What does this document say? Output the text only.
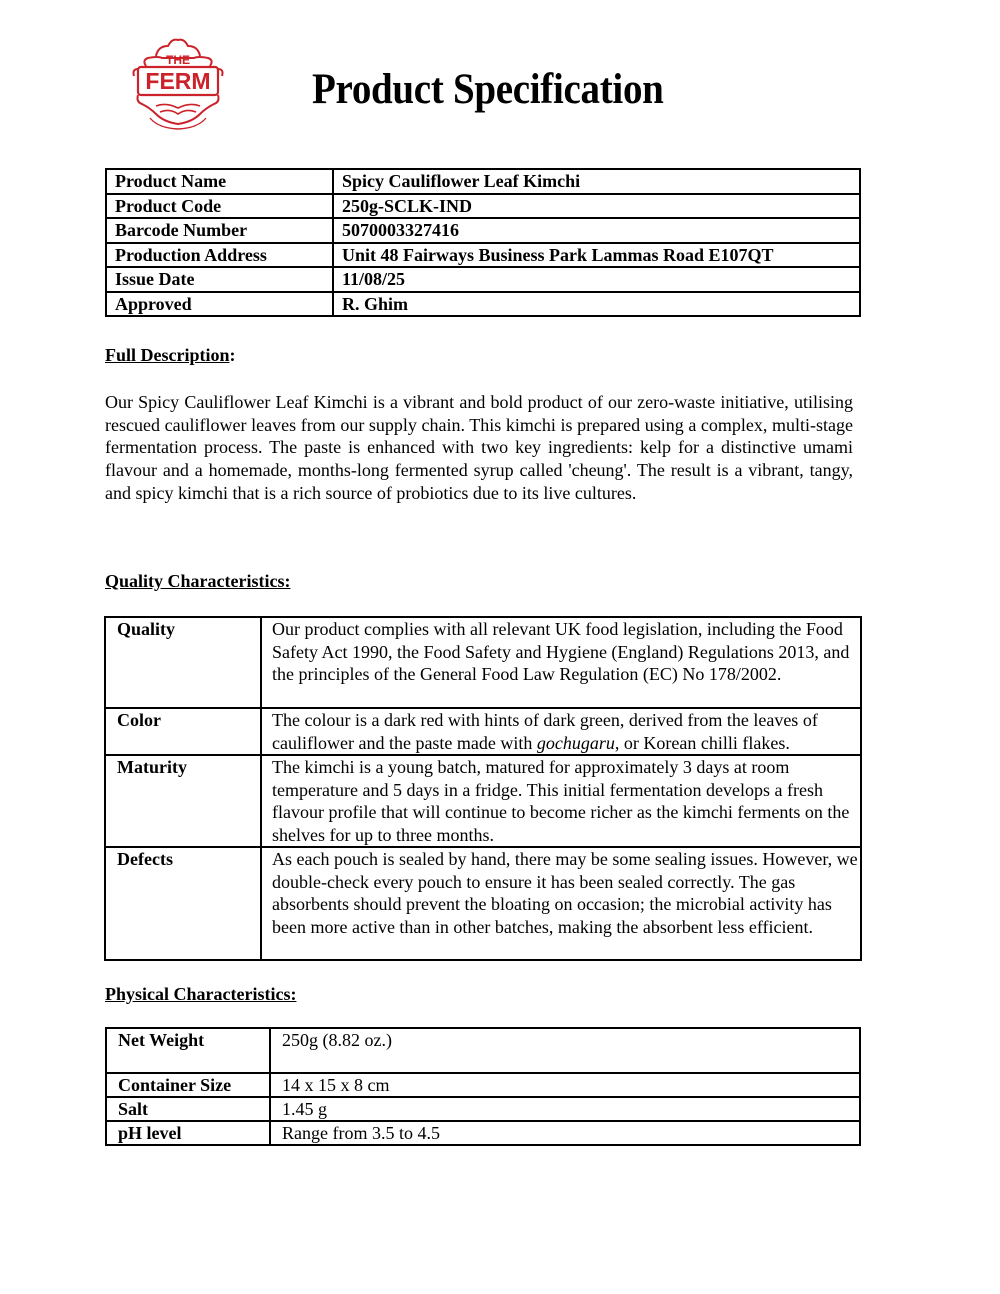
THE
FERM	Product Specification
Product Name	Spicy Cauliflower Leaf Kimchi
Product Code	250g-SCLK-IND
Barcode Number	5070003327416
Production Address	Unit 48 Fairways Business Park Lammas Road E107QT
Issue Date	11/08/25
Approved	R. Ghim

Full Description:

Our Spicy Cauliflower Leaf Kimchi is a vibrant and bold product of our zero-waste initiative, utilising rescued cauliflower leaves from our supply chain. This kimchi is prepared using a complex, multi-stage fermentation process. The paste is enhanced with two key ingredients: kelp for a distinctive umami flavour and a homemade, months-long fermented syrup called 'cheung'. The result is a vibrant, tangy, and spicy kimchi that is a rich source of probiotics due to its live cultures.

Quality Characteristics:

Quality	Our product complies with all relevant UK food legislation, including the Food Safety Act 1990, the Food Safety and Hygiene (England) Regulations 2013, and the principles of the General Food Law Regulation (EC) No 178/2002.
Color	The colour is a dark red with hints of dark green, derived from the leaves of cauliflower and the paste made with gochugaru, or Korean chilli flakes.
Maturity	The kimchi is a young batch, matured for approximately 3 days at room temperature and 5 days in a fridge. This initial fermentation develops a fresh flavour profile that will continue to become richer as the kimchi ferments on the shelves for up to three months.
Defects	As each pouch is sealed by hand, there may be some sealing issues. However, we double-check every pouch to ensure it has been sealed correctly. The gas absorbents should prevent the bloating on occasion; the microbial activity has been more active than in other batches, making the absorbent less efficient.

Physical Characteristics:

Net Weight	250g (8.82 oz.)
Container Size	14 x 15 x 8 cm
Salt	1.45 g
pH level	Range from 3.5 to 4.5
